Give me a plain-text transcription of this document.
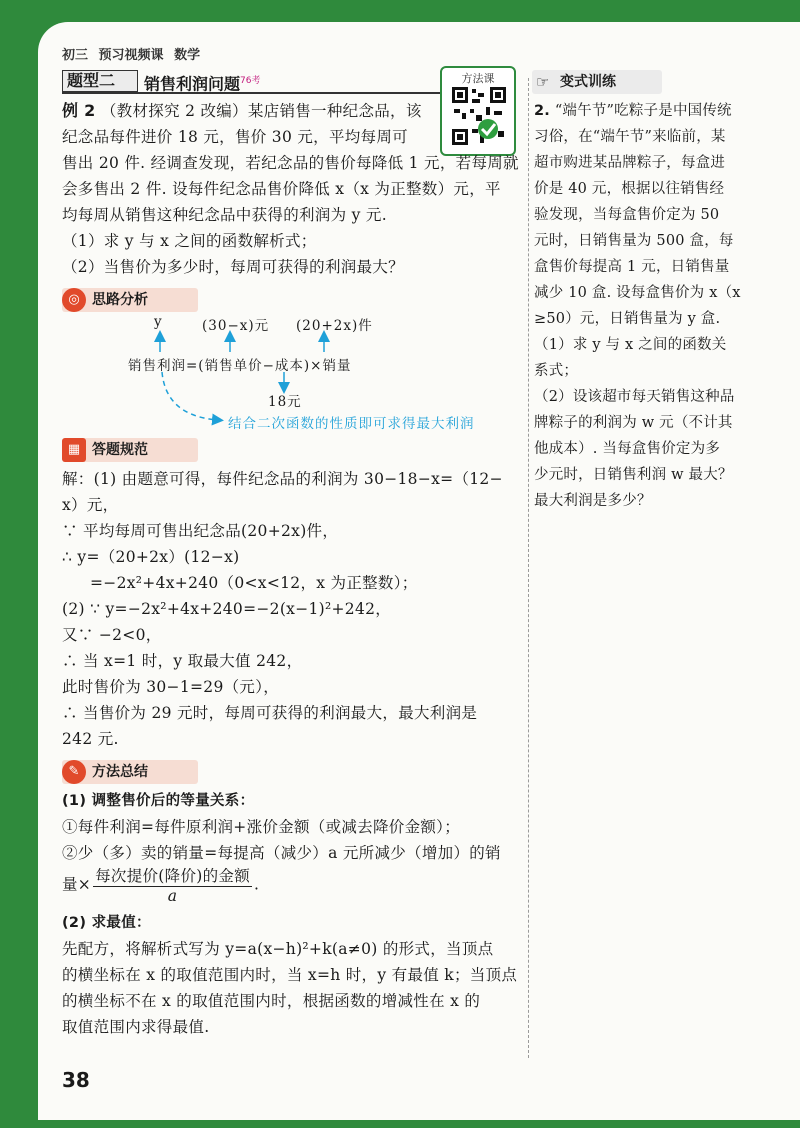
初三 预习视频课 数学
题型二	销售利润问题$^{76考}$	方法课
例 2 （教材探究 2 改编）某店销售一种纪念品，该
纪念品每件进价 18 元，售价 30 元，平均每周可
售出 20 件. 经调查发现，若纪念品的售价每降低 1 元，若每周就
会多售出 2 件. 设每件纪念品售价降低 x（x 为正整数）元，平
均每周从销售这种纪念品中获得的利润为 y 元.
（1）求 y 与 x 之间的函数解析式；
（2）当售价为多少时，每周可获得的利润最大？
◎ 思路分析
y	(30−x)元 (20+2x)件
销售利润=(销售单价−成本)×销量
18元
结合二次函数的性质即可求得最大利润
▦ 答题规范
解：(1) 由题意可得，每件纪念品的利润为 30−18−x=（12−
x）元，
∵ 平均每周可售出纪念品(20+2x)件，
∴ y=（20+2x）(12−x)
=−2x²+4x+240（0<x<12，x 为正整数）；
(2) ∵ y=−2x²+4x+240=−2(x−1)²+242，
又∵ −2<0，
∴ 当 x=1 时，y 取最大值 242，
此时售价为 30−1=29（元），
∴ 当售价为 29 元时，每周可获得的利润最大，最大利润是
242 元.
✎ 方法总结
(1) 调整售价后的等量关系：
①每件利润=每件原利润+涨价金额（或减去降价金额）；
②少（多）卖的销量=每提高（减少）a 元所减少（增加）的销
量× $\frac{\text{每次提价(降价)的金额}}{a}$ .
(2) 求最值：
先配方，将解析式写为 y=a(x−h)²+k(a≠0) 的形式，当顶点
的横坐标在 x 的取值范围内时，当 x=h 时，y 有最值 k；当顶点
的横坐标不在 x 的取值范围内时，根据函数的增减性在 x 的
取值范围内求得最值.
☞ 变式训练
2. “端午节”吃粽子是中国传统
习俗，在“端午节”来临前，某
超市购进某品牌粽子，每盒进
价是 40 元，根据以往销售经
验发现，当每盒售价定为 50
元时，日销售量为 500 盒，每
盒售价每提高 1 元，日销售量
减少 10 盒. 设每盒售价为 x（x
≥50）元，日销售量为 y 盒.
（1）求 y 与 x 之间的函数关
系式；
（2）设该超市每天销售这种品
牌粽子的利润为 w 元（不计其
他成本）. 当每盒售价定为多
少元时，日销售利润 w 最大？
最大利润是多少？
38
